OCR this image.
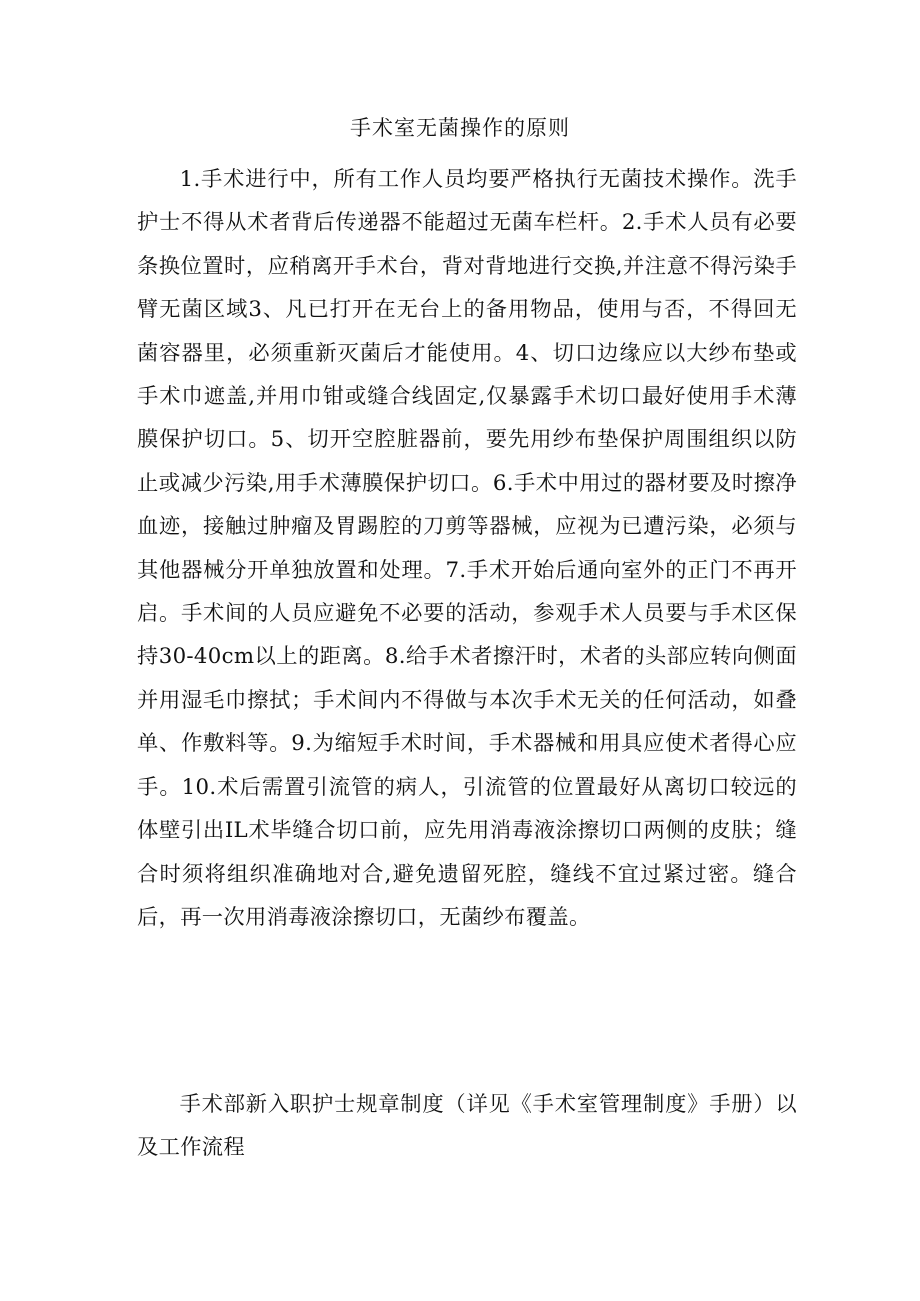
手术室无菌操作的原则

1.手术进行中，所有工作人员均要严格执行无菌技术操作。洗手护士不得从术者背后传递器不能超过无菌车栏杆。2.手术人员有必要条换位置时，应稍离开手术台，背对背地进行交换,并注意不得污染手臂无菌区域3、凡已打开在无台上的备用物品，使用与否，不得回无菌容器里，必须重新灭菌后才能使用。4、切口边缘应以大纱布垫或手术巾遮盖,并用巾钳或缝合线固定,仅暴露手术切口最好使用手术薄膜保护切口。5、切开空腔脏器前，要先用纱布垫保护周围组织以防止或减少污染,用手术薄膜保护切口。6.手术中用过的器材要及时擦净血迹，接触过肿瘤及胃踢腔的刀剪等器械，应视为已遭污染，必须与其他器械分开单独放置和处理。7.手术开始后通向室外的正门不再开启。手术间的人员应避免不必要的活动，参观手术人员要与手术区保持30-40cm以上的距离。8.给手术者擦汗时，术者的头部应转向侧面并用湿毛巾擦拭；手术间内不得做与本次手术无关的任何活动，如叠单、作敷料等。9.为缩短手术时间，手术器械和用具应使术者得心应手。10.术后需置引流管的病人，引流管的位置最好从离切口较远的体壁引出IL术毕缝合切口前，应先用消毒液涂擦切口两侧的皮肤；缝合时须将组织准确地对合,避免遗留死腔，缝线不宜过紧过密。缝合后，再一次用消毒液涂擦切口，无菌纱布覆盖。

手术部新入职护士规章制度（详见《手术室管理制度》手册）以及工作流程
